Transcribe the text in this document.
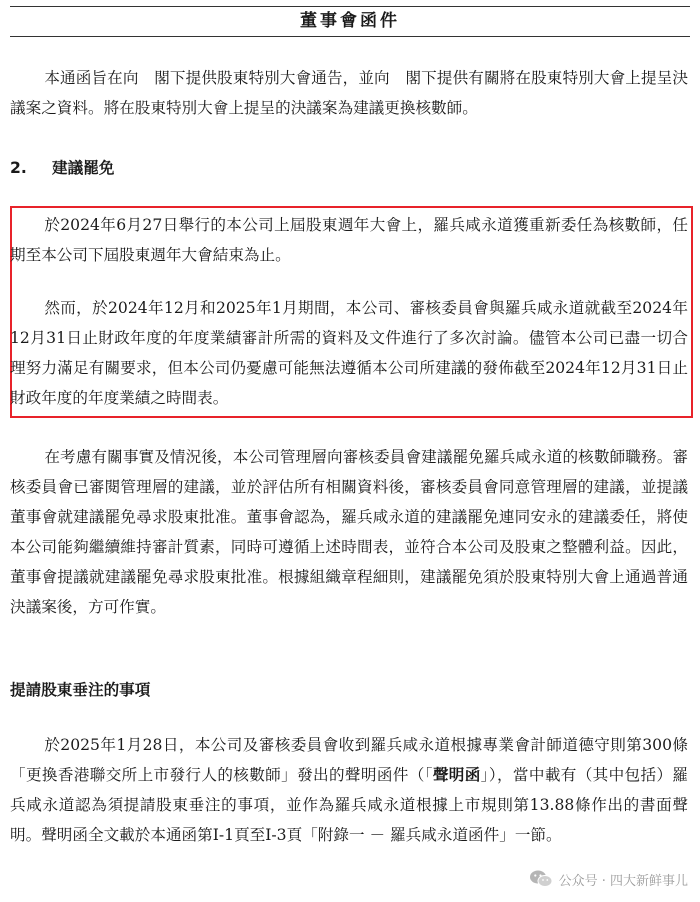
董事會函件

本通函旨在向　閣下提供股東特別大會通告，並向　閣下提供有關將在股東特別大會上提呈決議案之資料。將在股東特別大會上提呈的決議案為建議更換核數師。

2. 建議罷免

於2024年6月27日舉行的本公司上屆股東週年大會上，羅兵咸永道獲重新委任為核數師，任期至本公司下屆股東週年大會結束為止。

然而，於2024年12月和2025年1月期間，本公司、審核委員會與羅兵咸永道就截至2024年12月31日止財政年度的年度業績審計所需的資料及文件進行了多次討論。儘管本公司已盡一切合理努力滿足有關要求，但本公司仍憂慮可能無法遵循本公司所建議的發佈截至2024年12月31日止財政年度的年度業績之時間表。

在考慮有關事實及情況後，本公司管理層向審核委員會建議罷免羅兵咸永道的核數師職務。審核委員會已審閱管理層的建議，並於評估所有相關資料後，審核委員會同意管理層的建議，並提議董事會就建議罷免尋求股東批准。董事會認為，羅兵咸永道的建議罷免連同安永的建議委任，將使本公司能夠繼續維持審計質素，同時可遵循上述時間表，並符合本公司及股東之整體利益。因此，董事會提議就建議罷免尋求股東批准。根據組織章程細則，建議罷免須於股東特別大會上通過普通決議案後，方可作實。

提請股東垂注的事項

於2025年1月28日，本公司及審核委員會收到羅兵咸永道根據專業會計師道德守則第300條「更換香港聯交所上市發行人的核數師」發出的聲明函件（「聲明函」），當中載有（其中包括）羅兵咸永道認為須提請股東垂注的事項，並作為羅兵咸永道根據上市規則第13.88條作出的書面聲明。聲明函全文載於本通函第I-1頁至I-3頁「附錄一 － 羅兵咸永道函件」一節。

公众号 · 四大新鲜事儿
